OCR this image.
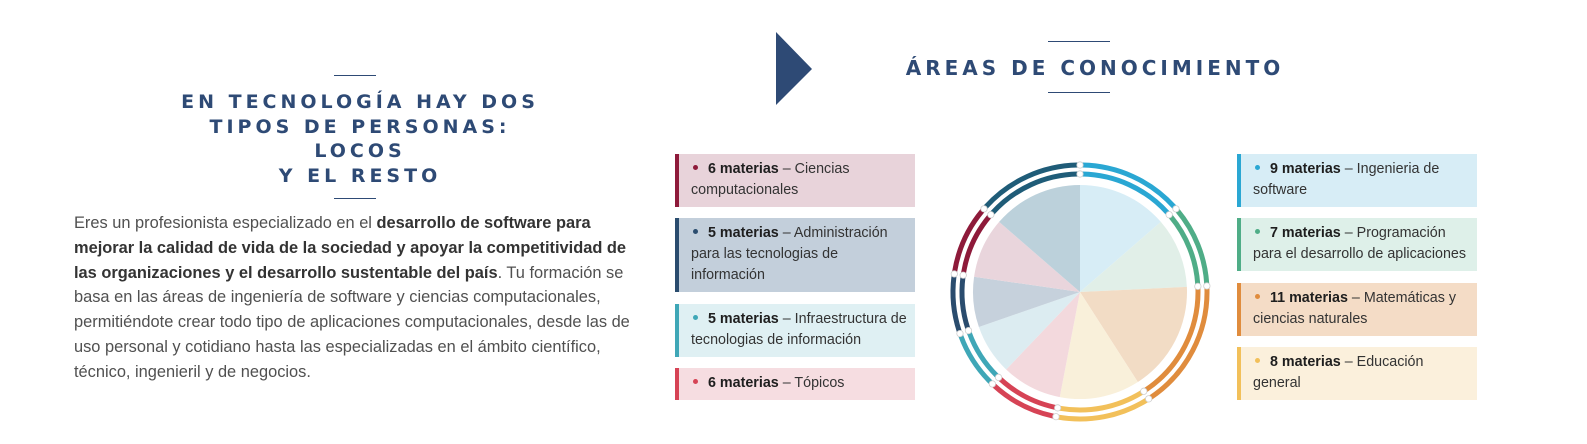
EN TECNOLOGÍA HAY DOS
TIPOS DE PERSONAS:
LOCOS
Y EL RESTO

Eres un profesionista especializado en el desarrollo de software para mejorar la calidad de vida de la sociedad y apoyar la competitividad de las organizaciones y el desarrollo sustentable del país. Tu formación se basa en las áreas de ingeniería de software y ciencias computacionales, permitiéndote crear todo tipo de aplicaciones computacionales, desde las de uso personal y cotidiano hasta las especializadas en el ámbito científico, técnico, ingenieril y de negocios.

ÁREAS DE CONOCIMIENTO
6 materias – Ciencias computacionales
5 materias – Administración para las tecnologias de información
5 materias – Infraestructura de tecnologias de información
6 materias – Tópicos
9 materias – Ingenieria de software
7 materias – Programación para el desarrollo de aplicaciones
11 materias – Matemáticas y ciencias naturales
8 materias – Educación general
